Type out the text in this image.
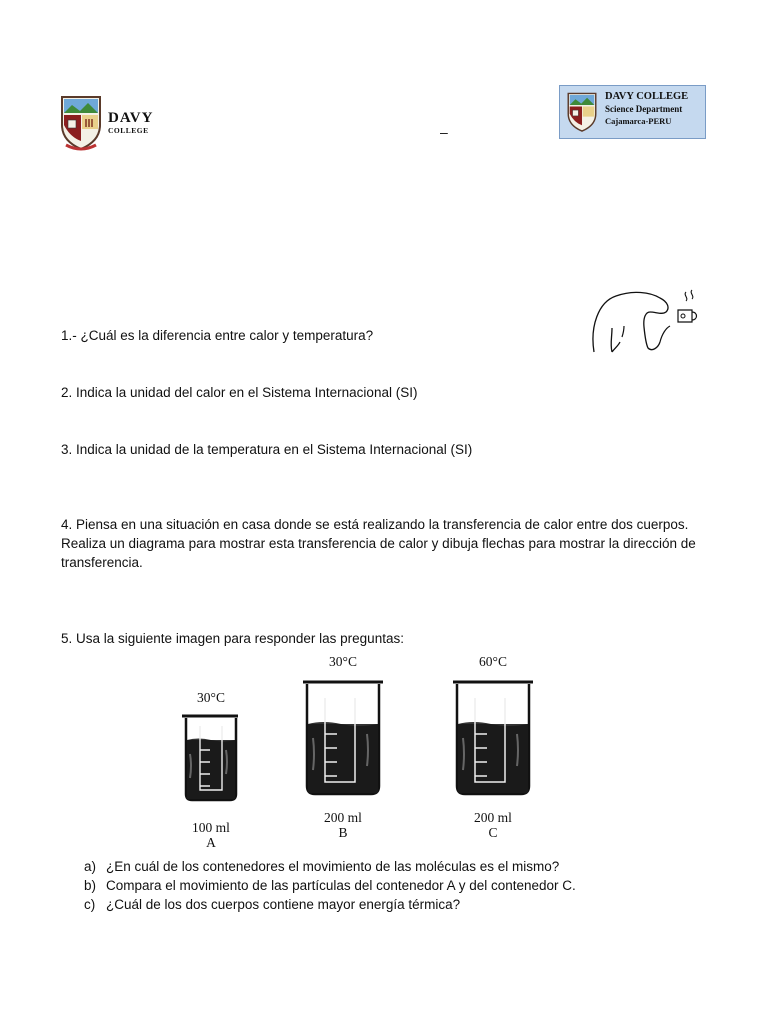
DAVY
COLLEGE	–
DAVY COLLEGE
Science Department
Cajamarca-PERU
1.- ¿Cuál es la diferencia entre calor y temperatura?
2. Indica la unidad del calor en el Sistema Internacional (SI)
3. Indica la unidad de la temperatura en el Sistema Internacional (SI)
4. Piensa en una situación en casa donde se está realizando la transferencia de calor entre dos cuerpos. Realiza un diagrama para mostrar esta transferencia de calor y dibuja flechas para mostrar la dirección de transferencia.
5. Usa la siguiente imagen para responder las preguntas:
30°C
100 ml
A
30°C
200 ml
B
60°C
200 ml
C
a) ¿En cuál de los contenedores el movimiento de las moléculas es el mismo?
b) Compara el movimiento de las partículas del contenedor A y del contenedor C.
c) ¿Cuál de los dos cuerpos contiene mayor energía térmica?
